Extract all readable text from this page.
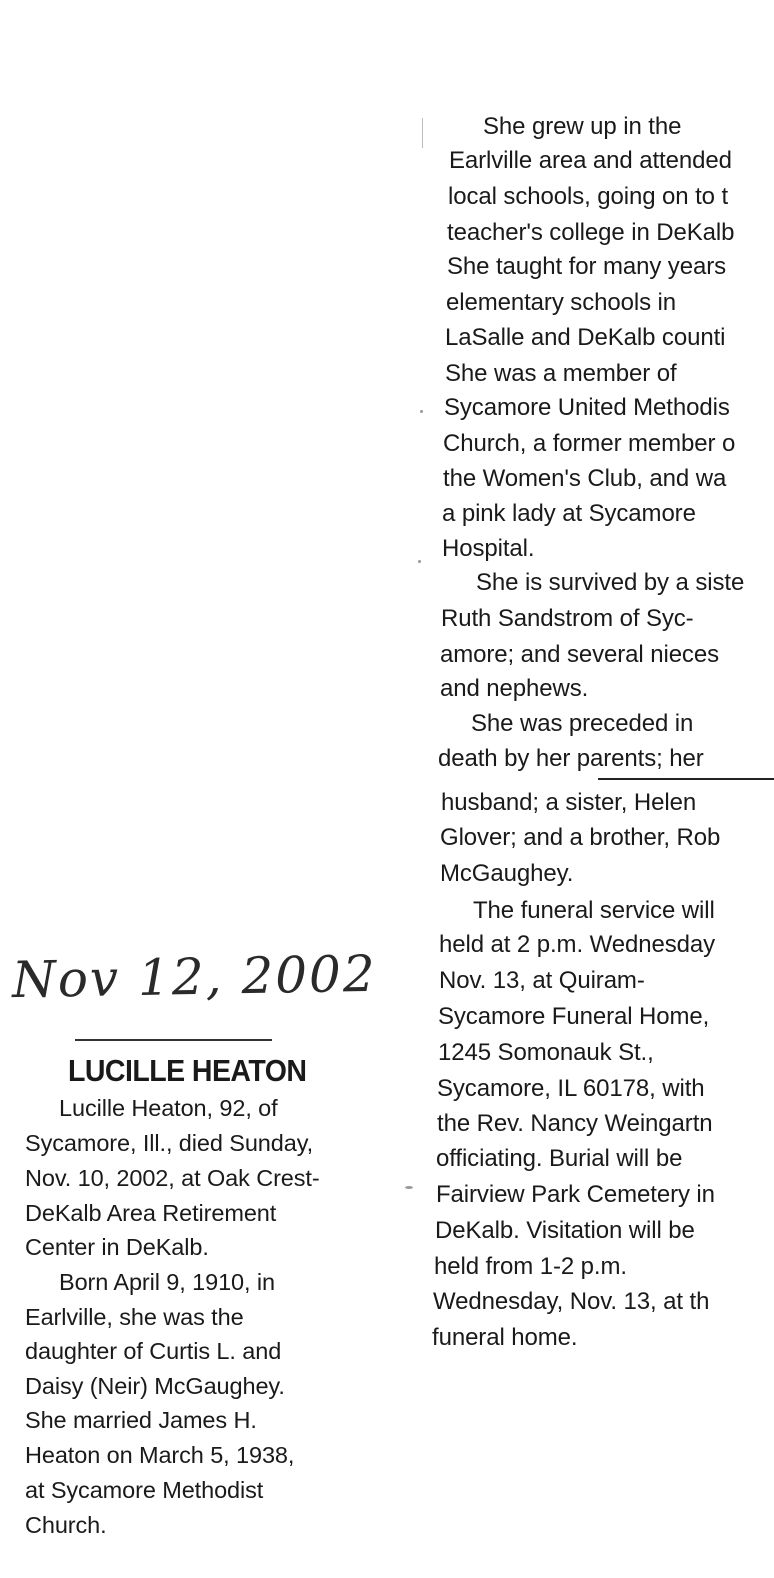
She grew up in the
Earlville area and attended
local schools, going on to t
teacher's college in DeKalb
She taught for many years
elementary schools in
LaSalle and DeKalb counti
She was a member of
Sycamore United Methodis
Church, a former member o
the Women's Club, and wa
a pink lady at Sycamore
Hospital.
She is survived by a siste
Ruth Sandstrom of Syc-
amore; and several nieces
and nephews.
She was preceded in
death by her parents; her
husband; a sister, Helen
Glover; and a brother, Rob
McGaughey.
The funeral service will
held at 2 p.m. Wednesday
Nov. 13, at Quiram-
Sycamore Funeral Home,
1245 Somonauk St.,
Sycamore, IL 60178, with
the Rev. Nancy Weingartn
officiating. Burial will be
Fairview Park Cemetery in
DeKalb. Visitation will be
held from 1-2 p.m.
Wednesday, Nov. 13, at th
funeral home.
Nov 12, 2002
LUCILLE HEATON
Lucille Heaton, 92, of
Sycamore, Ill., died Sunday,
Nov. 10, 2002, at Oak Crest-
DeKalb Area Retirement
Center in DeKalb.
Born April 9, 1910, in
Earlville, she was the
daughter of Curtis L. and
Daisy (Neir) McGaughey.
She married James H.
Heaton on March 5, 1938,
at Sycamore Methodist
Church.
